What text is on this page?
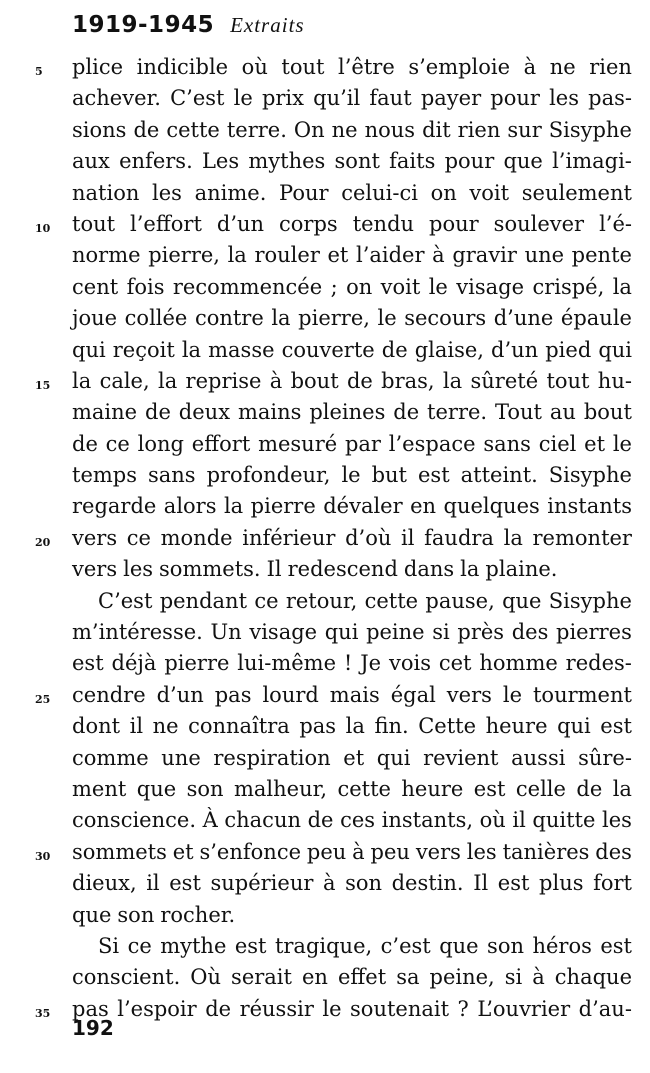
1919-1945 Extraits
5 plice indicible où tout l’être s’emploie à ne rien
achever. C’est le prix qu’il faut payer pour les pas-
sions de cette terre. On ne nous dit rien sur Sisyphe
aux enfers. Les mythes sont faits pour que l’imagi-
nation les anime. Pour celui-ci on voit seulement
10 tout l’effort d’un corps tendu pour soulever l’é-
norme pierre, la rouler et l’aider à gravir une pente
cent fois recommencée ; on voit le visage crispé, la
joue collée contre la pierre, le secours d’une épaule
qui reçoit la masse couverte de glaise, d’un pied qui
15 la cale, la reprise à bout de bras, la sûreté tout hu-
maine de deux mains pleines de terre. Tout au bout
de ce long effort mesuré par l’espace sans ciel et le
temps sans profondeur, le but est atteint. Sisyphe
regarde alors la pierre dévaler en quelques instants
20 vers ce monde inférieur d’où il faudra la remonter
vers les sommets. Il redescend dans la plaine.
C’est pendant ce retour, cette pause, que Sisyphe
m’intéresse. Un visage qui peine si près des pierres
est déjà pierre lui-même ! Je vois cet homme redes-
25 cendre d’un pas lourd mais égal vers le tourment
dont il ne connaîtra pas la fin. Cette heure qui est
comme une respiration et qui revient aussi sûre-
ment que son malheur, cette heure est celle de la
conscience. À chacun de ces instants, où il quitte les
30 sommets et s’enfonce peu à peu vers les tanières des
dieux, il est supérieur à son destin. Il est plus fort
que son rocher.
Si ce mythe est tragique, c’est que son héros est
conscient. Où serait en effet sa peine, si à chaque
35 pas l’espoir de réussir le soutenait ? L’ouvrier d’au-
192
